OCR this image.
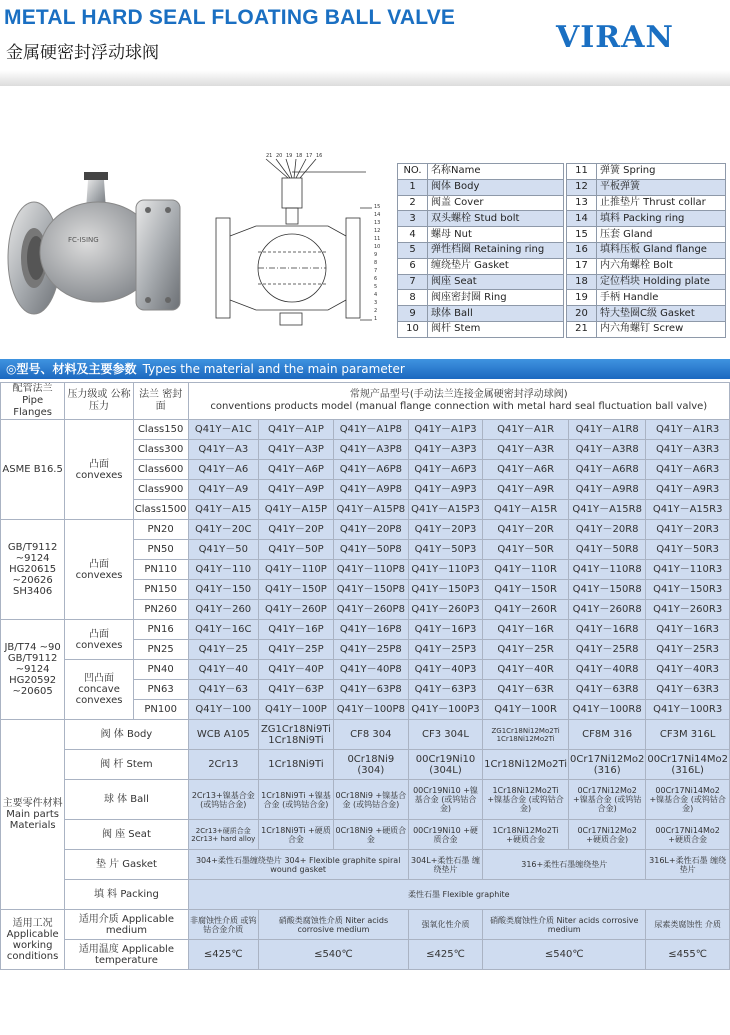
METAL HARD SEAL FLOATING BALL VALVE
金属硬密封浮动球阀	VIRAN
FC-ISING
21 20 19 18 17 16
15
14
13
12
11
10
9
8
7
6
5
4
3
2
1
NO.	名称Name
1	阀体 Body
2	阀盖 Cover
3	双头螺栓 Stud bolt
4	螺母 Nut
5	弹性档圈 Retaining ring
6	缠绕垫片 Gasket
7	阀座 Seat
8	阀座密封圈 Ring
9	球体 Ball
10	阀杆 Stem
11	弹簧 Spring
12	平板弹簧
13	止推垫片 Thrust collar
14	填料 Packing ring
15	压套 Gland
16	填料压板 Gland flange
17	内六角螺栓 Bolt
18	定位档块 Holding plate
19	手柄 Handle
20	特大垫圈C级 Gasket
21	内六角螺钉 Screw
◎型号、材料及主要参数 Types the material and the main parameter
配管法兰 Pipe Flanges	压力级或 公称压力	法兰 密封面	常规产品型号(手动法兰连接金属硬密封浮动球阀)
conventions products model (manual flange connection with metal hard seal fluctuation ball valve)						

ASME B16.5	凸面 convexes	Class150	Q41Y－A1C	Q41Y－A1P	Q41Y－A1P8	Q41Y－A1P3	Q41Y－A1R	Q41Y－A1R8	Q41Y－A1R3
		Class300	Q41Y－A3	Q41Y－A3P	Q41Y－A3P8	Q41Y－A3P3	Q41Y－A3R	Q41Y－A3R8	Q41Y－A3R3
		Class600	Q41Y－A6	Q41Y－A6P	Q41Y－A6P8	Q41Y－A6P3	Q41Y－A6R	Q41Y－A6R8	Q41Y－A6R3
		Class900	Q41Y－A9	Q41Y－A9P	Q41Y－A9P8	Q41Y－A9P3	Q41Y－A9R	Q41Y－A9R8	Q41Y－A9R3
		Class1500	Q41Y－A15	Q41Y－A15P	Q41Y－A15P8	Q41Y－A15P3	Q41Y－A15R	Q41Y－A15R8	Q41Y－A15R3
GB/T9112 ~9124 HG20615 ~20626 SH3406	凸面 convexes	PN20	Q41Y－20C	Q41Y－20P	Q41Y－20P8	Q41Y－20P3	Q41Y－20R	Q41Y－20R8	Q41Y－20R3
		PN50	Q41Y－50	Q41Y－50P	Q41Y－50P8	Q41Y－50P3	Q41Y－50R	Q41Y－50R8	Q41Y－50R3
		PN110	Q41Y－110	Q41Y－110P	Q41Y－110P8	Q41Y－110P3	Q41Y－110R	Q41Y－110R8	Q41Y－110R3
		PN150	Q41Y－150	Q41Y－150P	Q41Y－150P8	Q41Y－150P3	Q41Y－150R	Q41Y－150R8	Q41Y－150R3
		PN260	Q41Y－260	Q41Y－260P	Q41Y－260P8	Q41Y－260P3	Q41Y－260R	Q41Y－260R8	Q41Y－260R3
JB/T74 ~90 GB/T9112 ~9124 HG20592 ~20605	凸面 convexes	PN16	Q41Y－16C	Q41Y－16P	Q41Y－16P8	Q41Y－16P3	Q41Y－16R	Q41Y－16R8	Q41Y－16R3
		PN25	Q41Y－25	Q41Y－25P	Q41Y－25P8	Q41Y－25P3	Q41Y－25R	Q41Y－25R8	Q41Y－25R3
	凹凸面 concave convexes	PN40	Q41Y－40	Q41Y－40P	Q41Y－40P8	Q41Y－40P3	Q41Y－40R	Q41Y－40R8	Q41Y－40R3
		PN63	Q41Y－63	Q41Y－63P	Q41Y－63P8	Q41Y－63P3	Q41Y－63R	Q41Y－63R8	Q41Y－63R3
		PN100	Q41Y－100	Q41Y－100P	Q41Y－100P8	Q41Y－100P3	Q41Y－100R	Q41Y－100R8	Q41Y－100R3
主要零件材料 Main parts Materials	阀 体 Body		WCB A105	ZG1Cr18Ni9Ti 1Cr18Ni9Ti	CF8 304	CF3 304L	ZG1Cr18Ni12Mo2Ti 1Cr18Ni12Mo2Ti	CF8M 316	CF3M 316L
	阀 杆 Stem		2Cr13	1Cr18Ni9Ti	0Cr18Ni9 (304)	00Cr19Ni10 (304L)	1Cr18Ni12Mo2Ti	0Cr17Ni12Mo2 (316)	00Cr17Ni14Mo2 (316L)
	球 体 Ball		2Cr13+镍基合金 (或钨钴合金)	1Cr18Ni9Ti +镍基合金 (或钨钴合金)	0Cr18Ni9 +镍基合金 (或钨钴合金)	00Cr19Ni10 +镍基合金 (或钨钴合金)	1Cr18Ni12Mo2Ti +镍基合金 (或钨钴合金)	0Cr17Ni12Mo2 +镍基合金 (或钨钴合金)	00Cr17Ni14Mo2 +镍基合金 (或钨钴合金)
	阀 座 Seat		2Cr13+硬质合金 2Cr13+ hard alloy	1Cr18Ni9Ti +硬质合金	0Cr18Ni9 +硬质合金	00Cr19Ni10 +硬质合金	1Cr18Ni12Mo2Ti +硬质合金	0Cr17Ni12Mo2 +硬质合金)	00Cr17Ni14Mo2 +硬质合金
	垫 片 Gasket		304+柔性石墨缠绕垫片 304+ Flexible graphite spiral wound gasket			304L+柔性石墨 缠绕垫片	316+柔性石墨缠绕垫片		316L+柔性石墨 缠绕垫片
	填 料 Packing		柔性石墨 Flexible graphite						
适用工况 Applicable working conditions	适用介质 Applicable medium		非腐蚀性介质 或钨钴合金介质	硝酸类腐蚀性介质 Niter acids corrosive medium		强氧化性介质	硝酸类腐蚀性介质 Niter acids corrosive medium		尿素类腐蚀性 介质
	适用温度 Applicable temperature		≤425℃	≤540℃		≤425℃	≤540℃		≤455℃
